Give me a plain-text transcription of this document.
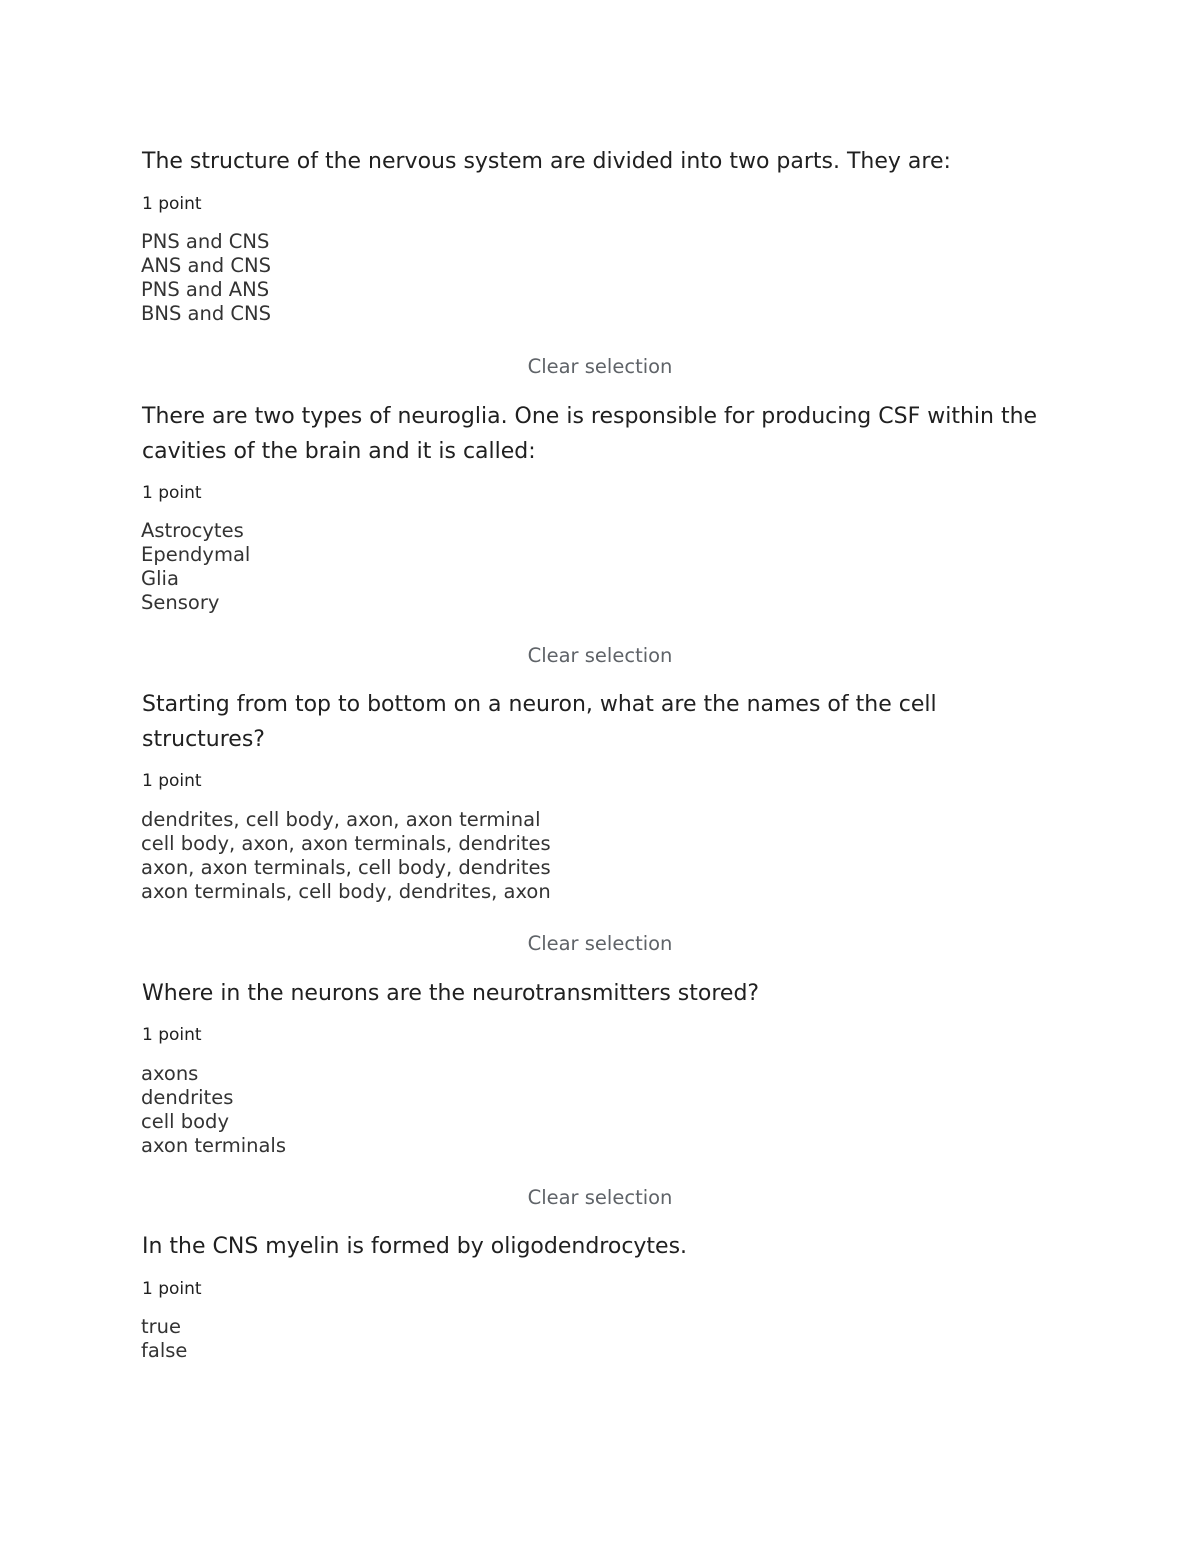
The structure of the nervous system are divided into two parts. They are:
1 point
PNS and CNS
ANS and CNS
PNS and ANS
BNS and CNS
Clear selection
There are two types of neuroglia. One is responsible for producing CSF within the cavities of the brain and it is called:
1 point
Astrocytes
Ependymal
Glia
Sensory
Clear selection
Starting from top to bottom on a neuron, what are the names of the cell structures?
1 point
dendrites, cell body, axon, axon terminal
cell body, axon, axon terminals, dendrites
axon, axon terminals, cell body, dendrites
axon terminals, cell body, dendrites, axon
Clear selection
Where in the neurons are the neurotransmitters stored?
1 point
axons
dendrites
cell body
axon terminals
Clear selection
In the CNS myelin is formed by oligodendrocytes.
1 point
true
false
